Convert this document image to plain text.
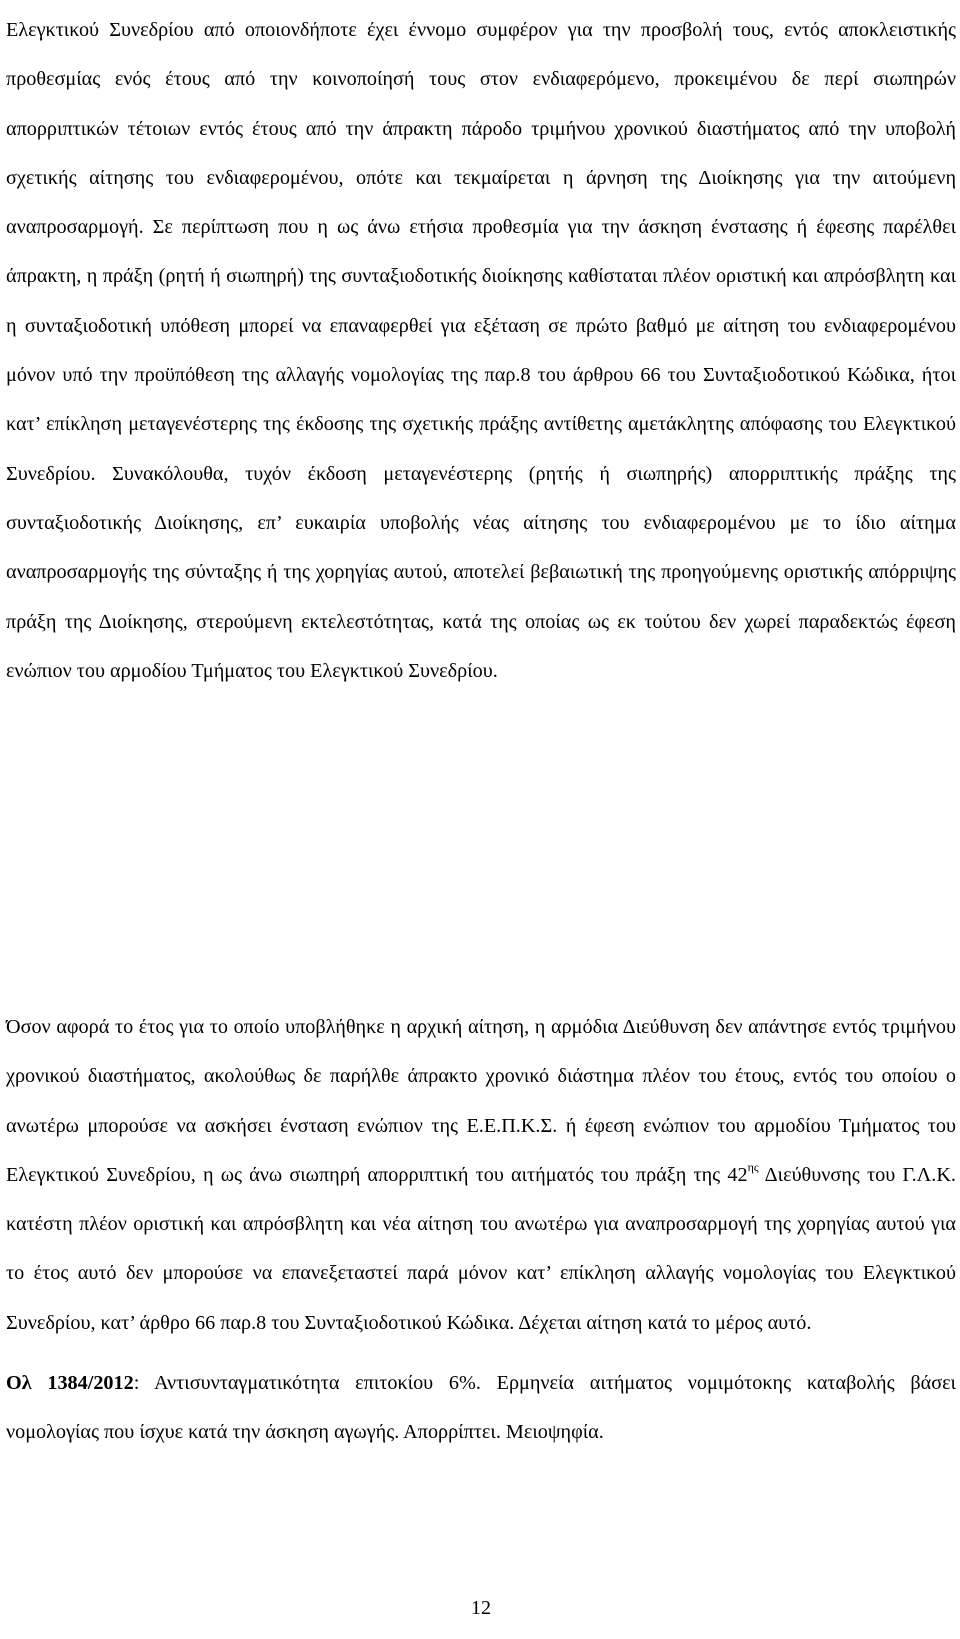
Ελεγκτικού Συνεδρίου από οποιονδήποτε έχει έννομο συμφέρον για την προσβολή τους, εντός αποκλειστικής προθεσμίας ενός έτους από την κοινοποίησή τους στον ενδιαφερόμενο, προκειμένου δε περί σιωπηρών απορριπτικών τέτοιων εντός έτους από την άπρακτη πάροδο τριμήνου χρονικού διαστήματος από την υποβολή σχετικής αίτησης του ενδιαφερομένου, οπότε και τεκμαίρεται η άρνηση της Διοίκησης για την αιτούμενη αναπροσαρμογή. Σε περίπτωση που η ως άνω ετήσια προθεσμία για την άσκηση ένστασης ή έφεσης παρέλθει άπρακτη, η πράξη (ρητή ή σιωπηρή) της συνταξιοδοτικής διοίκησης καθίσταται πλέον οριστική και απρόσβλητη και η συνταξιοδοτική υπόθεση μπορεί να επαναφερθεί για εξέταση σε πρώτο βαθμό με αίτηση του ενδιαφερομένου μόνον υπό την προϋπόθεση της αλλαγής νομολογίας της παρ.8 του άρθρου 66 του Συνταξιοδοτικού Κώδικα, ήτοι κατ’ επίκληση μεταγενέστερης της έκδοσης της σχετικής πράξης αντίθετης αμετάκλητης απόφασης του Ελεγκτικού Συνεδρίου. Συνακόλουθα, τυχόν έκδοση μεταγενέστερης (ρητής ή σιωπηρής) απορριπτικής πράξης της συνταξιοδοτικής Διοίκησης, επ’ ευκαιρία υποβολής νέας αίτησης του ενδιαφερομένου με το ίδιο αίτημα αναπροσαρμογής της σύνταξης ή της χορηγίας αυτού, αποτελεί βεβαιωτική της προηγούμενης οριστικής απόρριψης πράξη της Διοίκησης, στερούμενη εκτελεστότητας, κατά της οποίας ως εκ τούτου δεν χωρεί παραδεκτώς έφεση ενώπιον του αρμοδίου Τμήματος του Ελεγκτικού Συνεδρίου.

Όσον αφορά το έτος για το οποίο υποβλήθηκε η αρχική αίτηση, η αρμόδια Διεύθυνση δεν απάντησε εντός τριμήνου χρονικού διαστήματος, ακολούθως δε παρήλθε άπρακτο χρονικό διάστημα πλέον του έτους, εντός του οποίου ο ανωτέρω μπορούσε να ασκήσει ένσταση ενώπιον της Ε.Ε.Π.Κ.Σ. ή έφεση ενώπιον του αρμοδίου Τμήματος του Ελεγκτικού Συνεδρίου, η ως άνω σιωπηρή απορριπτική του αιτήματός του πράξη της $42^{\eta\varsigma}$ Διεύθυνσης του Γ.Λ.Κ. κατέστη πλέον οριστική και απρόσβλητη και νέα αίτηση του ανωτέρω για αναπροσαρμογή της χορηγίας αυτού για το έτος αυτό δεν μπορούσε να επανεξεταστεί παρά μόνον κατ’ επίκληση αλλαγής νομολογίας του Ελεγκτικού Συνεδρίου, κατ’ άρθρο 66 παρ.8 του Συνταξιοδοτικού Κώδικα. Δέχεται αίτηση κατά το μέρος αυτό.

Ολ 1384/2012: Αντισυνταγματικότητα επιτοκίου 6%. Ερμηνεία αιτήματος νομιμότοκης καταβολής βάσει νομολογίας που ίσχυε κατά την άσκηση αγωγής. Απορρίπτει. Μειοψηφία.

12
